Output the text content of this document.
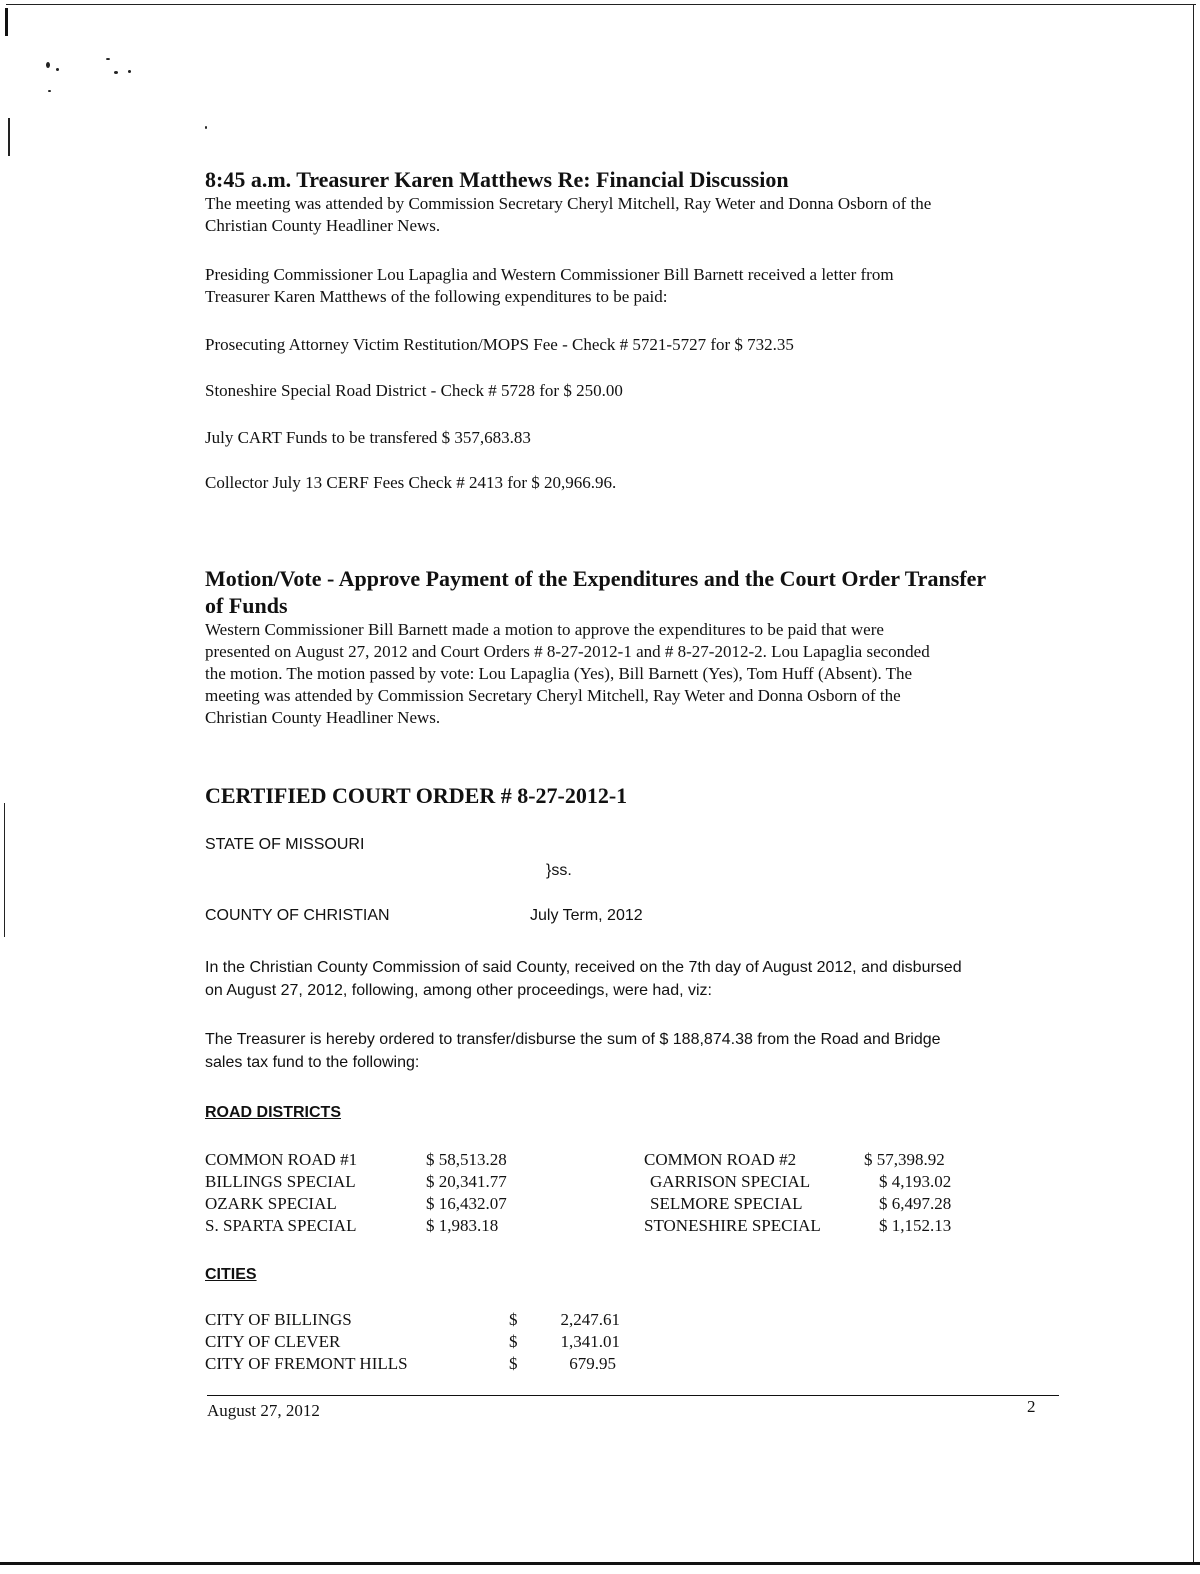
8:45 a.m. Treasurer Karen Matthews Re: Financial Discussion
The meeting was attended by Commission Secretary Cheryl Mitchell, Ray Weter and Donna Osborn of the
Christian County Headliner News.
Presiding Commissioner Lou Lapaglia and Western Commissioner Bill Barnett received a letter from
Treasurer Karen Matthews of the following expenditures to be paid:
Prosecuting Attorney Victim Restitution/MOPS Fee - Check # 5721-5727 for $ 732.35
Stoneshire Special Road District - Check # 5728 for $ 250.00
July CART Funds to be transfered $ 357,683.83
Collector July 13 CERF Fees Check # 2413 for $ 20,966.96.
Motion/Vote - Approve Payment of the Expenditures and the Court Order Transfer
of Funds
Western Commissioner Bill Barnett made a motion to approve the expenditures to be paid that were
presented on August 27, 2012 and Court Orders # 8-27-2012-1 and # 8-27-2012-2. Lou Lapaglia seconded
the motion. The motion passed by vote: Lou Lapaglia (Yes), Bill Barnett (Yes), Tom Huff (Absent). The
meeting was attended by Commission Secretary Cheryl Mitchell, Ray Weter and Donna Osborn of the
Christian County Headliner News.
CERTIFIED COURT ORDER # 8-27-2012-1
STATE OF MISSOURI
}ss.
COUNTY OF CHRISTIAN	July Term, 2012
In the Christian County Commission of said County, received on the 7th day of August 2012, and disbursed
on August 27, 2012, following, among other proceedings, were had, viz:
The Treasurer is hereby ordered to transfer/disburse the sum of $ 188,874.38 from the Road and Bridge
sales tax fund to the following:
ROAD DISTRICTS
COMMON ROAD #1	$ 58,513.28	COMMON ROAD #2	$ 57,398.92
BILLINGS SPECIAL	$ 20,341.77	GARRISON SPECIAL	$ 4,193.02
OZARK SPECIAL	$ 16,432.07	SELMORE SPECIAL	$ 6,497.28
S. SPARTA SPECIAL	$ 1,983.18	STONESHIRE SPECIAL	$ 1,152.13
CITIES
CITY OF BILLINGS	$	2,247.61
CITY OF CLEVER	$	1,341.01
CITY OF FREMONT HILLS	$	679.95
August 27, 2012	2
